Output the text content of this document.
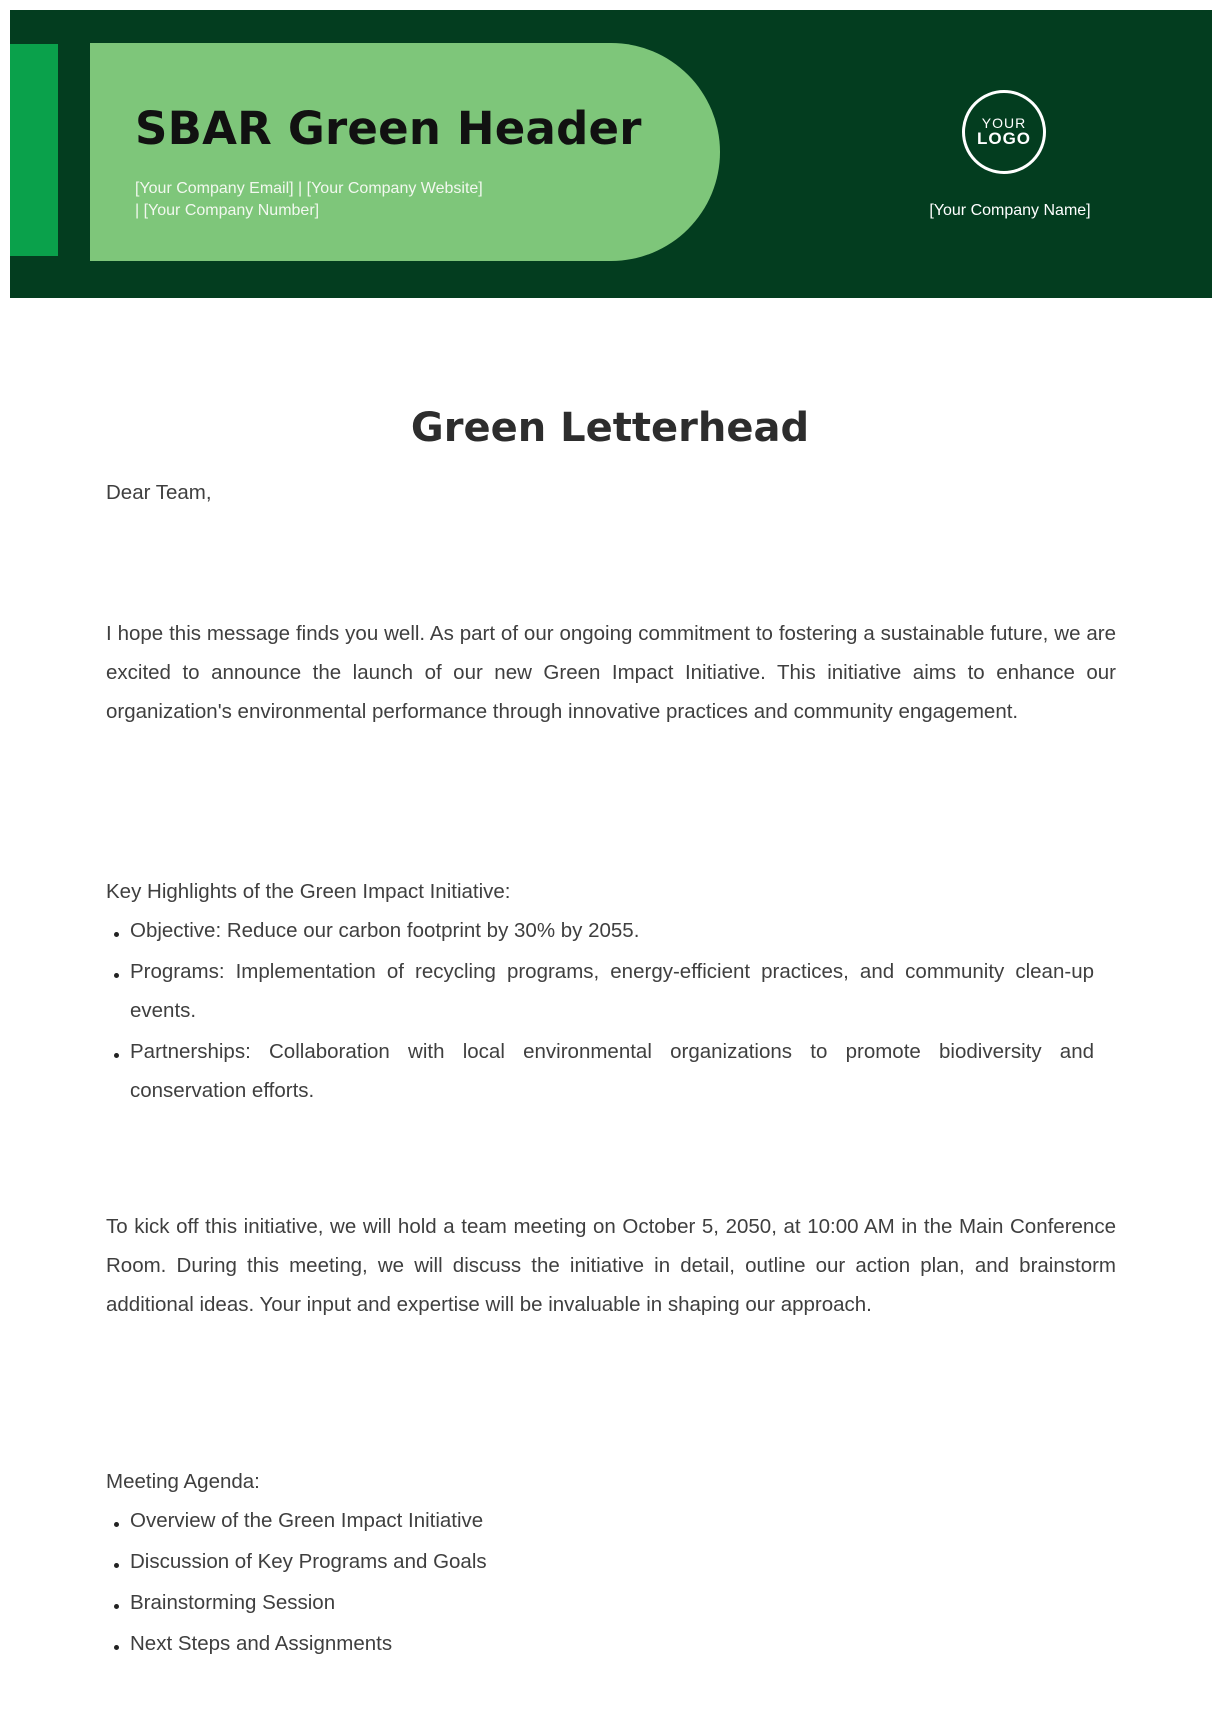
SBAR Green Header
[Your Company Email] | [Your Company Website]
| [Your Company Number]
YOUR
LOGO
[Your Company Name]
Green Letterhead

Dear Team,

I hope this message finds you well. As part of our ongoing commitment to fostering a sustainable future, we are excited to announce the launch of our new Green Impact Initiative. This initiative aims to enhance our organization's environmental performance through innovative practices and community engagement.

Key Highlights of the Green Impact Initiative:

Objective: Reduce our carbon footprint by 30% by 2055.
Programs: Implementation of recycling programs, energy-efficient practices, and community clean-up events.
Partnerships: Collaboration with local environmental organizations to promote biodiversity and conservation efforts.

To kick off this initiative, we will hold a team meeting on October 5, 2050, at 10:00 AM in the Main Conference Room. During this meeting, we will discuss the initiative in detail, outline our action plan, and brainstorm additional ideas. Your input and expertise will be invaluable in shaping our approach.

Meeting Agenda:

Overview of the Green Impact Initiative
Discussion of Key Programs and Goals
Brainstorming Session
Next Steps and Assignments
